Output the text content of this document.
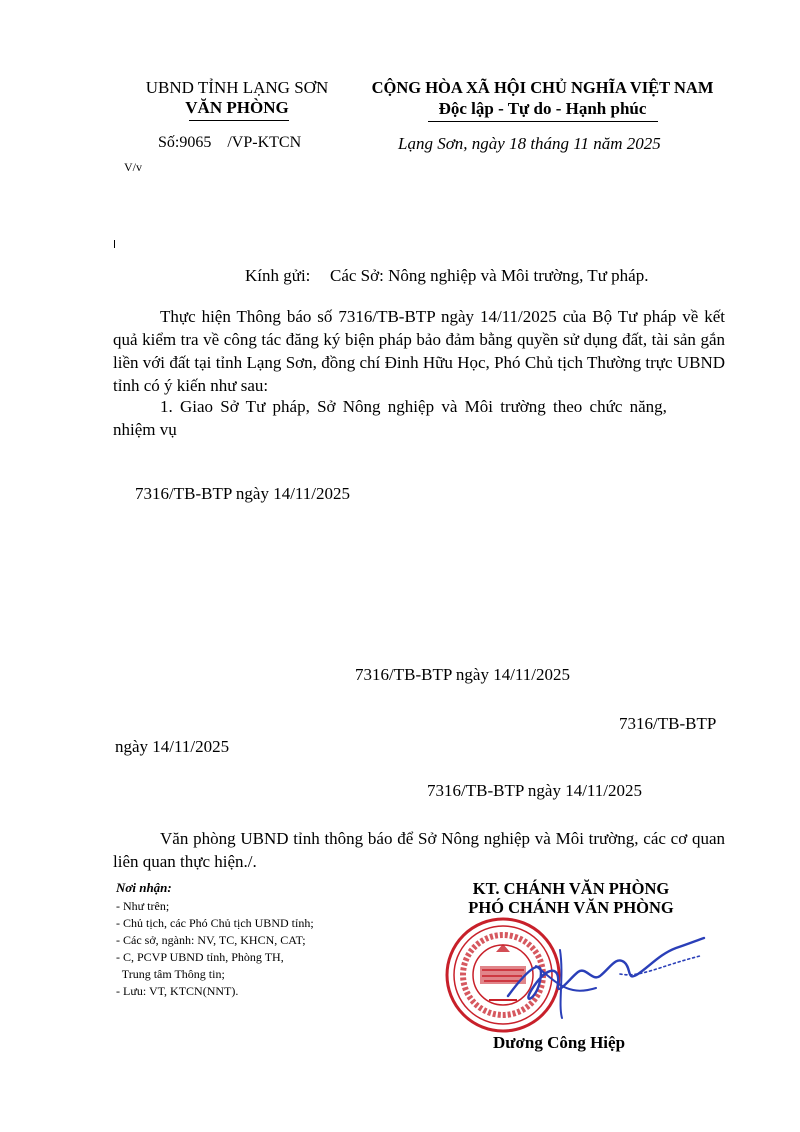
UBND TỈNH LẠNG SƠN
VĂN PHÒNG
CỘNG HÒA XÃ HỘI CHỦ NGHĨA VIỆT NAM
Độc lập - Tự do - Hạnh phúc
Số:9065    /VP-KTCN
V/v
Lạng Sơn, ngày 18 tháng 11 năm 2025
Kính gửi: Các Sở: Nông nghiệp và Môi trường, Tư pháp.
Thực hiện Thông báo số 7316/TB-BTP ngày 14/11/2025 của Bộ Tư pháp về kết quả kiểm tra về công tác đăng ký biện pháp bảo đảm bằng quyền sử dụng đất, tài sản gắn liền với đất tại tỉnh Lạng Sơn, đồng chí Đinh Hữu Học, Phó Chủ tịch Thường trực UBND tỉnh có ý kiến như sau:
1. Giao Sở Tư pháp, Sở Nông nghiệp và Môi trường theo chức năng,
nhiệm vụ
7316/TB-BTP ngày 14/11/2025
7316/TB-BTP ngày 14/11/2025
7316/TB-BTP
ngày 14/11/2025
7316/TB-BTP ngày 14/11/2025
Văn phòng UBND tỉnh thông báo để Sở Nông nghiệp và Môi trường, các cơ quan liên quan thực hiện./.
Nơi nhận:
- Như trên;
- Chủ tịch, các Phó Chủ tịch UBND tỉnh;
- Các sở, ngành: NV, TC, KHCN, CAT;
- C, PCVP UBND tỉnh, Phòng TH,
Trung tâm Thông tin;
- Lưu: VT, KTCN(NNT).
KT. CHÁNH VĂN PHÒNG
PHÓ CHÁNH VĂN PHÒNG
Dương Công Hiệp
